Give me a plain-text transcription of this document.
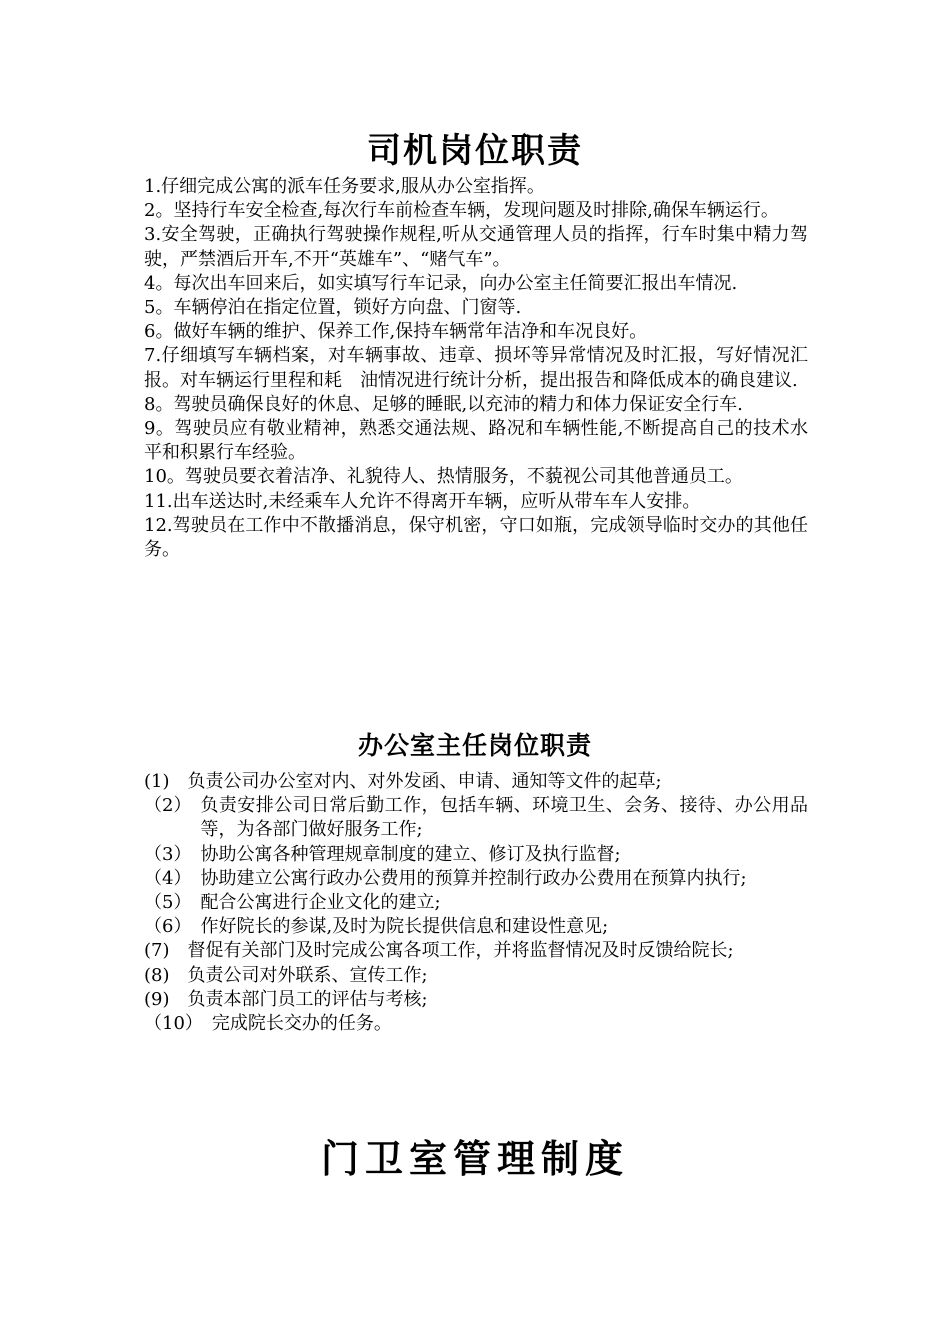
司机岗位职责

1.仔细完成公寓的派车任务要求,服从办公室指挥。

2。坚持行车安全检查,每次行车前检查车辆，发现问题及时排除,确保车辆运行。

3.安全驾驶，正确执行驾驶操作规程,听从交通管理人员的指挥，行车时集中精力驾驶，严禁酒后开车,不开“英雄车”、“赌气车”。

4。每次出车回来后，如实填写行车记录，向办公室主任简要汇报出车情况.

5。车辆停泊在指定位置，锁好方向盘、门窗等.

6。做好车辆的维护、保养工作,保持车辆常年洁净和车况良好。

7.仔细填写车辆档案，对车辆事故、违章、损坏等异常情况及时汇报，写好情况汇报。对车辆运行里程和耗　油情况进行统计分析，提出报告和降低成本的确良建议.

8。驾驶员确保良好的休息、足够的睡眠,以充沛的精力和体力保证安全行车.

9。驾驶员应有敬业精神，熟悉交通法规、路况和车辆性能,不断提高自己的技术水平和积累行车经验。

10。驾驶员要衣着洁净、礼貌待人、热情服务，不藐视公司其他普通员工。

11.出车送达时,未经乘车人允许不得离开车辆，应听从带车车人安排。

12.驾驶员在工作中不散播消息，保守机密，守口如瓶，完成领导临时交办的其他任务。

办公室主任岗位职责
(1)　 负责公司办公室对内、对外发函、申请、通知等文件的起草;
（2）　 负责安排公司日常后勤工作，包括车辆、环境卫生、会务、接待、办公用品等，为各部门做好服务工作;
（3）　 协助公寓各种管理规章制度的建立、修订及执行监督;
（4）　 协助建立公寓行政办公费用的预算并控制行政办公费用在预算内执行;
（5）　 配合公寓进行企业文化的建立;
（6）　 作好院长的参谋,及时为院长提供信息和建设性意见;
(7)　 督促有关部门及时完成公寓各项工作，并将监督情况及时反馈给院长;
(8)　 负责公司对外联系、宣传工作;
(9)　 负责本部门员工的评估与考核;
（10）　 完成院长交办的任务。
门卫室管理制度
